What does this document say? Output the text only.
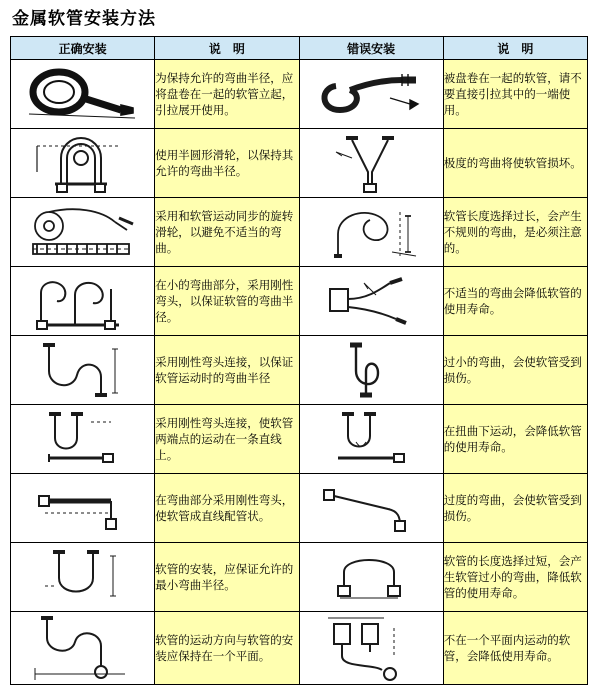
金属软管安装方法
正确安装	说　明	错误安装	说　明

	为保持允许的弯曲半径，应将盘卷在一起的软管立起，引拉展开使用。		被盘卷在一起的软管，请不要直接引拉其中的一端使用。

	使用半圆形滑轮，以保持其允许的弯曲半径。		极度的弯曲将使软管损坏。

	采用和软管运动同步的旋转滑轮，以避免不适当的弯曲。		软管长度选择过长，会产生不规则的弯曲，是必须注意的。

	在小的弯曲部分，采用刚性弯头，以保证软管的弯曲半径。		不适当的弯曲会降低软管的使用寿命。

	采用刚性弯头连接，以保证软管运动时的弯曲半径		过小的弯曲，会使软管受到损伤。

	采用刚性弯头连接，使软管两端点的运动在一条直线上。		在扭曲下运动，会降低软管的使用寿命。

	在弯曲部分采用刚性弯头，使软管成直线配管状。		过度的弯曲，会使软管受到损伤。

	软管的安装，应保证允许的最小弯曲半径。		软管的长度选择过短，会产生软管过小的弯曲，降低软管的使用寿命。

	软管的运动方向与软管的安装应保持在一个平面。		不在一个平面内运动的软管，会降低使用寿命。
